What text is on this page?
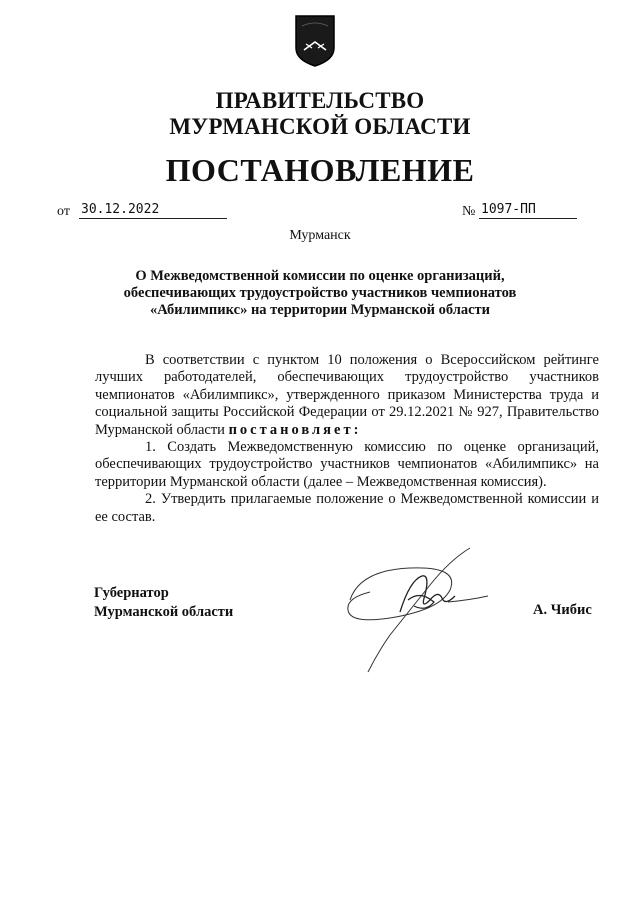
ПРАВИТЕЛЬСТВО
МУРМАНСКОЙ ОБЛАСТИ
ПОСТАНОВЛЕНИЕ
от 30.12.2022	№ 1097-ПП
Мурманск
О Межведомственной комиссии по оценке организаций,
обеспечивающих трудоустройство участников чемпионатов
«Абилимпикс» на территории Мурманской области

В соответствии с пунктом 10 положения о Всероссийском рейтинге лучших работодателей, обеспечивающих трудоустройство участников чемпионатов «Абилимпикс», утвержденного приказом Министерства труда и социальной защиты Российской Федерации от 29.12.2021 № 927, Правительство Мурманской области постановляет:

1. Создать Межведомственную комиссию по оценке организаций, обеспечивающих трудоустройство участников чемпионатов «Абилимпикс» на территории Мурманской области (далее – Межведомственная комиссия).

2. Утвердить прилагаемые положение о Межведомственной комиссии и ее состав.

Губернатор
Мурманской области	А. Чибис
